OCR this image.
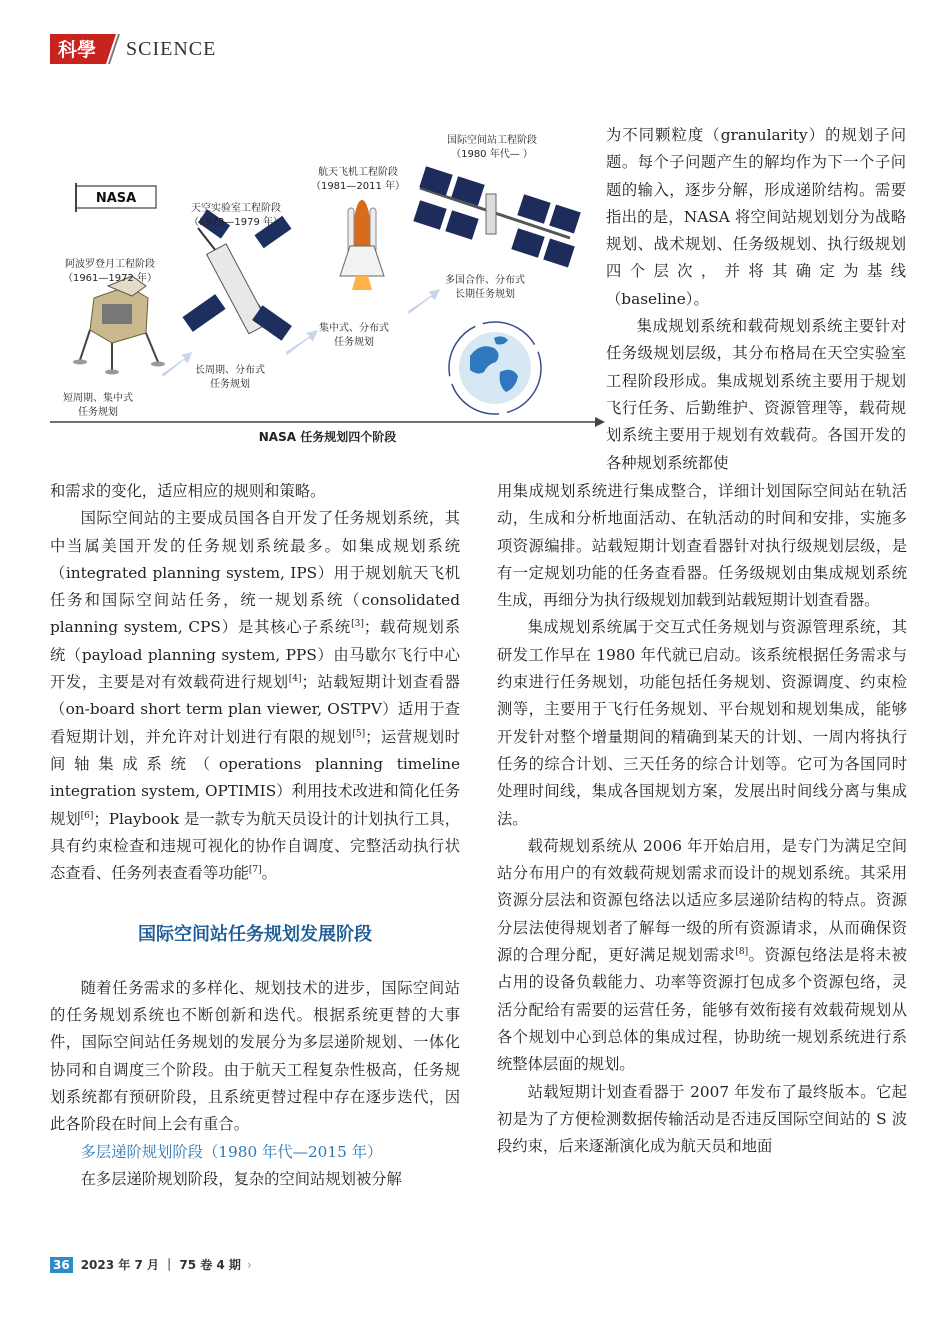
科學 SCIENCE
NASA
阿波罗登月工程阶段
（1961—1972 年）
短周期、集中式
任务规划
天空实验室工程阶段
（1973—1979 年）
长周期、分布式
任务规划
航天飞机工程阶段
（1981—2011 年）
集中式、分布式
任务规划
国际空间站工程阶段
（1980 年代— ）
多国合作、分布式
长期任务规划
NASA 任务规划四个阶段

为不同颗粒度（granularity）的规划子问题。每个子问题产生的解均作为下一个子问题的输入，逐步分解，形成递阶结构。需要指出的是，NASA 将空间站规划划分为战略规划、战术规划、任务级规划、执行级规划四个层次，并将其确定为基线（baseline）。

集成规划系统和载荷规划系统主要针对任务级规划层级，其分布格局在天空实验室工程阶段形成。集成规划系统主要用于规划飞行任务、后勤维护、资源管理等，载荷规划系统主要用于规划有效载荷。各国开发的各种规划系统都使

用集成规划系统进行集成整合，详细计划国际空间站在轨活动，生成和分析地面活动、在轨活动的时间和安排，实施多项资源编排。站载短期计划查看器针对执行级规划层级，是有一定规划功能的任务查看器。任务级规划由集成规划系统生成，再细分为执行级规划加载到站载短期计划查看器。

集成规划系统属于交互式任务规划与资源管理系统，其研发工作早在 1980 年代就已启动。该系统根据任务需求与约束进行任务规划，功能包括任务规划、资源调度、约束检测等，主要用于飞行任务规划、平台规划和规划集成，能够开发针对整个增量期间的精确到某天的计划、一周内将执行任务的综合计划、三天任务的综合计划等。它可为各国同时处理时间线，集成各国规划方案，发展出时间线分离与集成法。

载荷规划系统从 2006 年开始启用，是专门为满足空间站分布用户的有效载荷规划需求而设计的规划系统。其采用资源分层法和资源包络法以适应多层递阶结构的特点。资源分层法使得规划者了解每一级的所有资源请求，从而确保资源的合理分配，更好满足规划需求[8]。资源包络法是将未被占用的设备负载能力、功率等资源打包成多个资源包络，灵活分配给有需要的运营任务，能够有效衔接有效载荷规划从各个规划中心到总体的集成过程，协助统一规划系统进行系统整体层面的规划。

站载短期计划查看器于 2007 年发布了最终版本。它起初是为了方便检测数据传输活动是否违反国际空间站的 S 波段约束，后来逐渐演化成为航天员和地面

和需求的变化，适应相应的规则和策略。

国际空间站的主要成员国各自开发了任务规划系统，其中当属美国开发的任务规划系统最多。如集成规划系统（integrated planning system, IPS）用于规划航天飞机任务和国际空间站任务，统一规划系统（consolidated planning system, CPS）是其核心子系统[3]；载荷规划系统（payload planning system, PPS）由马歇尔飞行中心开发，主要是对有效载荷进行规划[4]；站载短期计划查看器（on-board short term plan viewer, OSTPV）适用于查看短期计划，并允许对计划进行有限的规划[5]；运营规划时间轴集成系统（operations planning timeline integration system, OPTIMIS）利用技术改进和简化任务规划[6]；Playbook 是一款专为航天员设计的计划执行工具，具有约束检查和违规可视化的协作自调度、完整活动执行状态查看、任务列表查看等功能[7]。

国际空间站任务规划发展阶段

随着任务需求的多样化、规划技术的进步，国际空间站的任务规划系统也不断创新和迭代。根据系统更替的大事件，国际空间站任务规划的发展分为多层递阶规划、一体化协同和自调度三个阶段。由于航天工程复杂性极高，任务规划系统都有预研阶段，且系统更替过程中存在逐步迭代，因此各阶段在时间上会有重合。

多层递阶规划阶段（1980 年代—2015 年）

在多层递阶规划阶段，复杂的空间站规划被分解

36 2023 年 7 月 ｜ 75 卷 4 期 ›
